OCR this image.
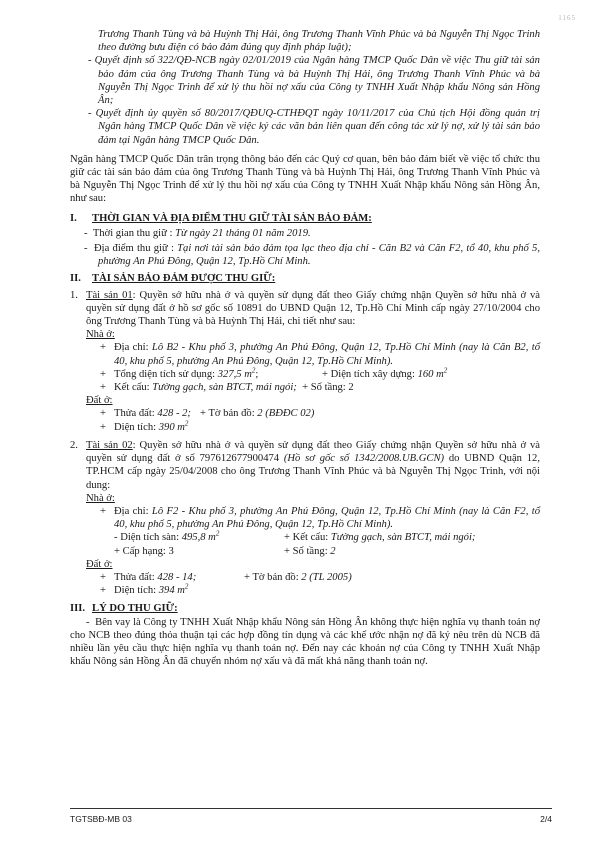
1165

Trương Thanh Tùng và bà Huỳnh Thị Hải, ông Trương Thanh Vĩnh Phúc và bà Nguyễn Thị Ngọc Trinh theo đường bưu điện có bảo đảm đúng quy định pháp luật);

- Quyết định số 322/QĐ-NCB ngày 02/01/2019 của Ngân hàng TMCP Quốc Dân về việc Thu giữ tài sản bảo đảm của ông Trương Thanh Tùng và bà Huỳnh Thị Hải, ông Trương Thanh Vĩnh Phúc và bà Nguyễn Thị Ngọc Trinh để xử lý thu hồi nợ xấu của Công ty TNHH Xuất Nhập khẩu Nông sản Hồng Ân;

- Quyết định ủy quyền số 80/2017/QĐUQ-CTHĐQT ngày 10/11/2017 của Chủ tịch Hội đồng quản trị Ngân hàng TMCP Quốc Dân về việc ký các văn bản liên quan đến công tác xử lý nợ, xử lý tài sản bảo đảm tại Ngân hàng TMCP Quốc Dân.

Ngân hàng TMCP Quốc Dân trân trọng thông báo đến các Quý cơ quan, bên bảo đảm biết về việc tổ chức thu giữ các tài sản bảo đảm của ông Trương Thanh Tùng và bà Huỳnh Thị Hải, ông Trương Thanh Vĩnh Phúc và bà Nguyễn Thị Ngọc Trinh để xử lý thu hồi nợ xấu của Công ty TNHH Xuất Nhập khẩu Nông sản Hồng Ân, như sau:

I. THỜI GIAN VÀ ĐỊA ĐIỂM THU GIỮ TÀI SẢN BẢO ĐẢM:

-  Thời gian thu giữ : Từ ngày 21 tháng 01 năm 2019.

-  Địa điểm thu giữ : Tại nơi tài sản bảo đảm tọa lạc theo địa chỉ - Căn B2 và Căn F2, tổ 40, khu phố 5, phường An Phú Đông, Quận 12, Tp.Hồ Chí Minh.

II. TÀI SẢN BẢO ĐẢM ĐƯỢC THU GIỮ:

1. Tài sản 01: Quyền sở hữu nhà ở và quyền sử dụng đất theo Giấy chứng nhận Quyền sở hữu nhà ở và quyền sử dụng đất ở hồ sơ gốc số 10891 do UBND Quận 12, Tp.Hồ Chí Minh cấp ngày 27/10/2004 cho ông Trương Thanh Tùng và bà Huỳnh Thị Hải, chi tiết như sau:

Nhà ở:

+ Địa chỉ: Lô B2 - Khu phố 3, phường An Phú Đông, Quận 12, Tp.Hồ Chí Minh (nay là Căn B2, tổ 40, khu phố 5, phường An Phú Đông, Quận 12, Tp.Hồ Chí Minh).
+ Tổng diện tích sử dụng: 327,5 $m^2$;	+ Diện tích xây dựng: 160 $m^2$
+ Kết cấu: Tường gạch, sàn BTCT, mái ngói;  + Số tầng: 2

Đất ở:

+ Thửa đất: 428 - 2; + Tờ bản đồ: 2 (BĐĐC 02)
+ Diện tích: 390 $m^2$

2. Tài sản 02: Quyền sở hữu nhà ở và quyền sử dụng đất theo Giấy chứng nhận Quyền sở hữu nhà ở và quyền sử dụng đất ở số 797612677900474 (Hồ sơ gốc số 1342/2008.UB.GCN) do UBND Quận 12, TP.HCM cấp ngày 25/04/2008 cho ông Trương Thanh Vĩnh Phúc và bà Nguyễn Thị Ngọc Trinh, với nội dung:

Nhà ở:

+ Địa chỉ: Lô F2 - Khu phố 3, phường An Phú Đông, Quận 12, Tp.Hồ Chí Minh (nay là Căn F2, tổ 40, khu phố 5, phường An Phú Đông, Quận 12, Tp.Hồ Chí Minh).
- Diện tích sàn: 495,8 $m^2$	+ Kết cấu: Tường gạch, sàn BTCT, mái ngói;
+ Cấp hạng: 3	+ Số tầng: 2

Đất ở:

+ Thửa đất: 428 - 14;	+ Tờ bản đồ: 2 (TL 2005)
+ Diện tích: 394 $m^2$

III. LÝ DO THU GIỮ:

-  Bên vay là Công ty TNHH Xuất Nhập khẩu Nông sản Hồng Ân không thực hiện nghĩa vụ thanh toán nợ cho NCB theo đúng thỏa thuận tại các hợp đồng tín dụng và các khế ước nhận nợ đã ký nêu trên dù NCB đã nhiều lần yêu cầu thực hiện nghĩa vụ thanh toán nợ. Đến nay các khoản nợ của Công ty TNHH Xuất Nhập khẩu Nông sản Hồng Ân đã chuyển nhóm nợ xấu và đã mất khả năng thanh toán nợ.

TGTSBĐ-MB 03	2/4
